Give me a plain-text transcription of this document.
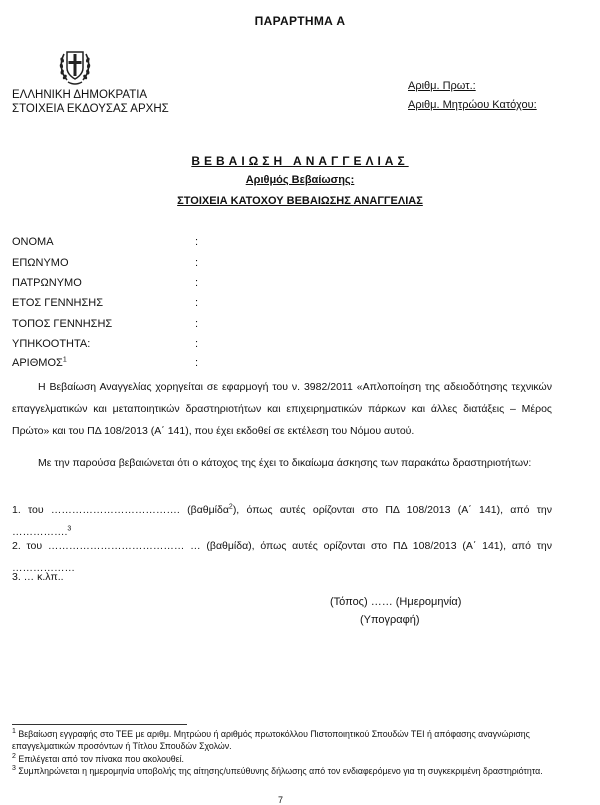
ΠΑΡΑΡΤΗΜΑ Α
ΕΛΛΗΝΙΚΗ ΔΗΜΟΚΡΑΤΙΑ
ΣΤΟΙΧΕΙΑ ΕΚΔΟΥΣΑΣ ΑΡΧΗΣ
Αριθμ. Πρωτ.:
Αριθμ. Μητρώου Κατόχου:
ΒΕΒΑΙΩΣΗ ΑΝΑΓΓΕΛΙΑΣ
Αριθμός Βεβαίωσης:
ΣΤΟΙΧΕΙΑ ΚΑΤΟΧΟΥ ΒΕΒΑΙΩΣΗΣ ΑΝΑΓΓΕΛΙΑΣ
ΟΝΟΜΑ	:
ΕΠΩΝΥΜΟ	:
ΠΑΤΡΩΝΥΜΟ	:
ΕΤΟΣ ΓΕΝΝΗΣΗΣ	:
ΤΟΠΟΣ ΓΕΝΝΗΣΗΣ	:
ΥΠΗΚΟΟΤΗΤΑ:	:
ΑΡΙΘΜΟΣ$^1$	:
Η Βεβαίωση Αναγγελίας χορηγείται σε εφαρμογή του ν. 3982/2011 «Απλοποίηση της αδειοδότησης τεχνικών επαγγελματικών και μεταποιητικών δραστηριοτήτων και επιχειρηματικών πάρκων και άλλες διατάξεις – Μέρος Πρώτο» και του ΠΔ 108/2013 (Α΄ 141), που έχει εκδοθεί σε εκτέλεση του Νόμου αυτού.
Με την παρούσα βεβαιώνεται ότι ο κάτοχος της έχει το δικαίωμα άσκησης των παρακάτω δραστηριοτήτων:
1. του ………………………………. (βαθμίδα$^2$), όπως αυτές ορίζονται στο ΠΔ 108/2013 (Α΄ 141), από την …………….$^3$
2. του ………………………………… … (βαθμίδα), όπως αυτές ορίζονται στο ΠΔ 108/2013 (Α΄ 141), από την ………………
3. … κ.λπ..
(Τόπος) …… (Ημερομηνία)
(Υπογραφή)
$^1$ Βεβαίωση εγγραφής στο ΤΕΕ με αριθμ. Μητρώου ή αριθμός πρωτοκόλλου Πιστοποιητικού Σπουδών ΤΕΙ ή απόφασης αναγνώρισης επαγγελματικών προσόντων ή Τίτλου Σπουδών Σχολών.
$^2$ Επιλέγεται από τον πίνακα που ακολουθεί.
$^3$ Συμπληρώνεται η ημερομηνία υποβολής της αίτησης/υπεύθυνης δήλωσης από τον ενδιαφερόμενο για τη συγκεκριμένη δραστηριότητα.
7
